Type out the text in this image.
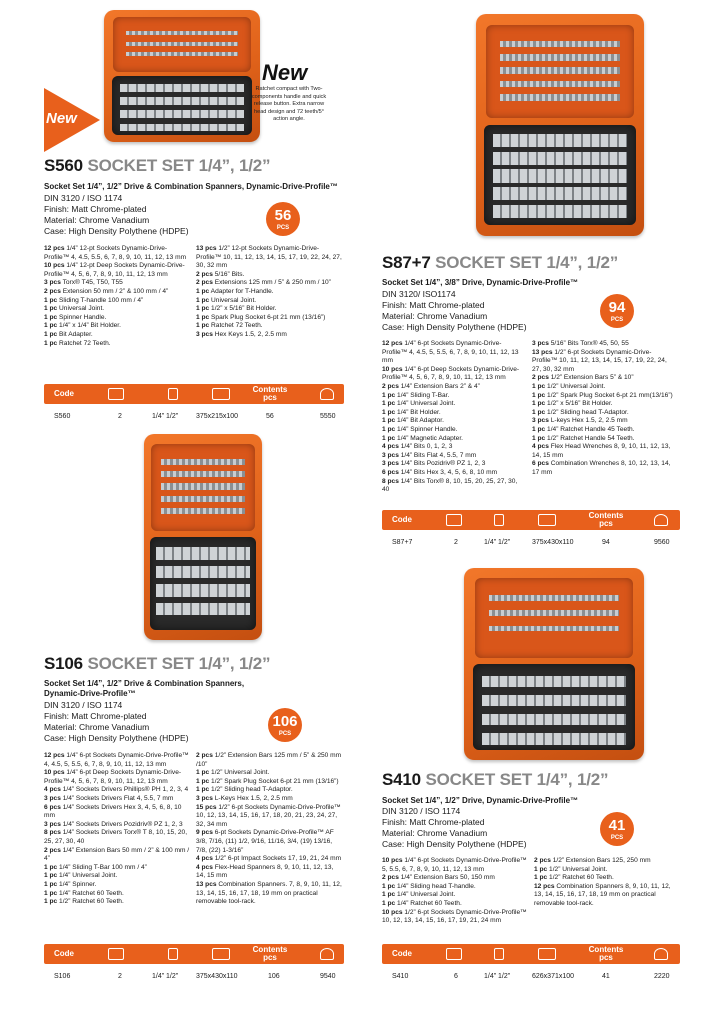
New
New
Ratchet compact with Two-components handle and quick release button. Extra narrow head design and 72 teeth/5° action angle.
S560 SOCKET SET 1/4”, 1/2”
Socket Set 1/4”, 1/2” Drive & Combination Spanners, Dynamic-Drive-Profile™
DIN 3120 / ISO 1174
Finish: Matt Chrome-plated
Material: Chrome Vanadium
Case: High Density Polythene (HDPE)
56
PCS

12 pcs 1/4” 12-pt Sockets Dynamic-Drive-Profile™ 4, 4.5, 5.5, 6, 7, 8, 9, 10, 11, 12, 13 mm

10 pcs 1/4” 12-pt Deep Sockets Dynamic-Drive-Profile™ 4, 5, 6, 7, 8, 9, 10, 11, 12, 13 mm

3 pcs Torx® T45, T50, T55

2 pcs Extension 50 mm / 2” & 100 mm / 4”

1 pc Sliding T-handle 100 mm / 4”

1 pc Universal Joint.

1 pc Spinner Handle.

1 pc 1/4” x 1/4” Bit Holder.

1 pc Bit Adapter.

1 pc Ratchet 72 Teeth.

13 pcs 1/2” 12-pt Sockets Dynamic-Drive-Profile™ 10, 11, 12, 13, 14, 15, 17, 19, 22, 24, 27, 30, 32 mm

2 pcs 5/16” Bits.

2 pcs Extensions 125 mm / 5” & 250 mm / 10”

1 pc Adapter for T-Handle.

1 pc Universal Joint.

1 pc 1/2” x 5/16” Bit Holder.

1 pc Spark Plug Socket 6-pt 21 mm (13/16”)

1 pc Ratchet 72 Teeth.

3 pcs Hex Keys 1.5, 2, 2.5 mm

Code	Contents pcs
S560	2	1/4” 1/2”	375x215x100	56	5550
S87+7 SOCKET SET 1/4”, 1/2”
Socket Set 1/4”, 3/8” Drive, Dynamic-Drive-Profile™
DIN 3120/ ISO1174
Finish: Matt Chrome-plated
Material: Chrome Vanadium
Case: High Density Polythene (HDPE)
94
PCS

12 pcs 1/4” 6-pt Sockets Dynamic-Drive-Profile™ 4, 4.5, 5, 5.5, 6, 7, 8, 9, 10, 11, 12, 13 mm

10 pcs 1/4” 6-pt Deep Sockets Dynamic-Drive-Profile™ 4, 5, 6, 7, 8, 9, 10, 11, 12, 13 mm

2 pcs 1/4” Extension Bars 2” & 4”

1 pc 1/4” Sliding T-Bar.

1 pc 1/4” Universal Joint.

1 pc 1/4” Bit Holder.

1 pc 1/4” Bit Adaptor.

1 pc 1/4” Spinner Handle.

1 pc 1/4” Magnetic Adapter.

4 pcs 1/4” Bits 0, 1, 2, 3

3 pcs 1/4” Bits Flat 4, 5.5, 7 mm

3 pcs 1/4” Bits Pozidriv® PZ 1, 2, 3

6 pcs 1/4” Bits Hex 3, 4, 5, 6, 8, 10 mm

8 pcs 1/4” Bits Torx® 8, 10, 15, 20, 25, 27, 30, 40

3 pcs 5/16” Bits Torx® 45, 50, 55

13 pcs 1/2” 6-pt Sockets Dynamic-Drive-Profile™ 10, 11, 12, 13, 14, 15, 17, 19, 22, 24, 27, 30, 32 mm

2 pcs 1/2” Extension Bars 5” & 10”

1 pc 1/2” Universal Joint.

1 pc 1/2” Spark Plug Socket 6-pt 21 mm(13/16”)

1 pc 1/2” x 5/16” Bit Holder.

1 pc 1/2” Sliding head T-Adaptor.

3 pcs L-keys Hex 1.5, 2, 2.5 mm

1 pc 1/4” Ratchet Handle 45 Teeth.

1 pc 1/2” Ratchet Handle 54 Teeth.

4 pcs Flex Head Wrenches 8, 9, 10, 11, 12, 13, 14, 15 mm

6 pcs Combination Wrenches 8, 10, 12, 13, 14, 17 mm

Code	Contents pcs
S87+7	2	1/4” 1/2”	375x430x110	94	9560
S106 SOCKET SET 1/4”, 1/2”
Socket Set 1/4”, 1/2” Drive & Combination Spanners, Dynamic-Drive-Profile™
DIN 3120 / ISO 1174
Finish: Matt Chrome-plated
Material: Chrome Vanadium
Case: High Density Polythene (HDPE)
106
PCS

12 pcs 1/4” 6-pt Sockets Dynamic-Drive-Profile™ 4, 4.5, 5, 5.5, 6, 7, 8, 9, 10, 11, 12, 13 mm

10 pcs 1/4” 6-pt Deep Sockets Dynamic-Drive-Profile™ 4, 5, 6, 7, 8, 9, 10, 11, 12, 13 mm

4 pcs 1/4” Sockets Drivers Phillips® PH 1, 2, 3, 4

3 pcs 1/4” Sockets Drivers Flat 4, 5.5, 7 mm

6 pcs 1/4” Sockets Drivers Hex 3, 4, 5, 6, 8, 10 mm

3 pcs 1/4” Sockets Drivers Pozidriv® PZ 1, 2, 3

8 pcs 1/4” Sockets Drivers Torx® T 8, 10, 15, 20, 25, 27, 30, 40

2 pcs 1/4” Extension Bars 50 mm / 2” & 100 mm / 4”

1 pc 1/4” Sliding T-Bar 100 mm / 4”

1 pc 1/4” Universal Joint.

1 pc 1/4” Spinner.

1 pc 1/4” Ratchet 60 Teeth.

1 pc 1/2” Ratchet 60 Teeth.

2 pcs 1/2” Extension Bars 125 mm / 5” & 250 mm /10”

1 pc 1/2” Universal Joint.

1 pc 1/2” Spark Plug Socket 6-pt 21 mm (13/16”)

1 pc 1/2” Sliding head T-Adaptor.

3 pcs L-Keys Hex 1.5, 2, 2.5 mm

15 pcs 1/2” 6-pt Sockets Dynamic-Drive-Profile™ 10, 12, 13, 14, 15, 16, 17, 18, 20, 21, 23, 24, 27, 32, 34 mm

9 pcs 6-pt Sockets Dynamic-Drive-Profile™ AF 3/8, 7/16, (11) 1/2, 9/16, 11/16, 3/4, (19) 13/16, 7/8, (22) 1-3/16”

4 pcs 1/2” 6-pt Impact Sockets 17, 19, 21, 24 mm

4 pcs Flex-Head Spanners 8, 9, 10, 11, 12, 13, 14, 15 mm

13 pcs Combination Spanners. 7, 8, 9, 10, 11, 12, 13, 14, 15, 16, 17, 18, 19 mm on practical removable tool-rack.

Code	Contents pcs
S106	2	1/4” 1/2”	375x430x110	106	9540
S410 SOCKET SET 1/4”, 1/2”
Socket Set 1/4”, 1/2” Drive, Dynamic-Drive-Profile™
DIN 3120 / ISO 1174
Finish: Matt Chrome-plated
Material: Chrome Vanadium
Case: High Density Polythene (HDPE)
41
PCS

10 pcs 1/4” 6-pt Sockets Dynamic-Drive-Profile™ 5, 5.5, 6, 7, 8, 9, 10, 11, 12, 13 mm

2 pcs 1/4” Extension Bars 50, 150 mm

1 pc 1/4” Sliding head T-handle.

1 pc 1/4” Universal Joint.

1 pc 1/4” Ratchet 60 Teeth.

10 pcs 1/2” 6-pt Sockets Dynamic-Drive-Profile™ 10, 12, 13, 14, 15, 16, 17, 19, 21, 24 mm

2 pcs 1/2” Extension Bars 125, 250 mm

1 pc 1/2” Universal Joint.

1 pc 1/2” Ratchet 60 Teeth.

12 pcs Combination Spanners 8, 9, 10, 11, 12, 13, 14, 15, 16, 17, 18, 19 mm on practical removable tool-rack.

Code	Contents pcs
S410	6	1/4” 1/2”	626x371x100	41	2220
